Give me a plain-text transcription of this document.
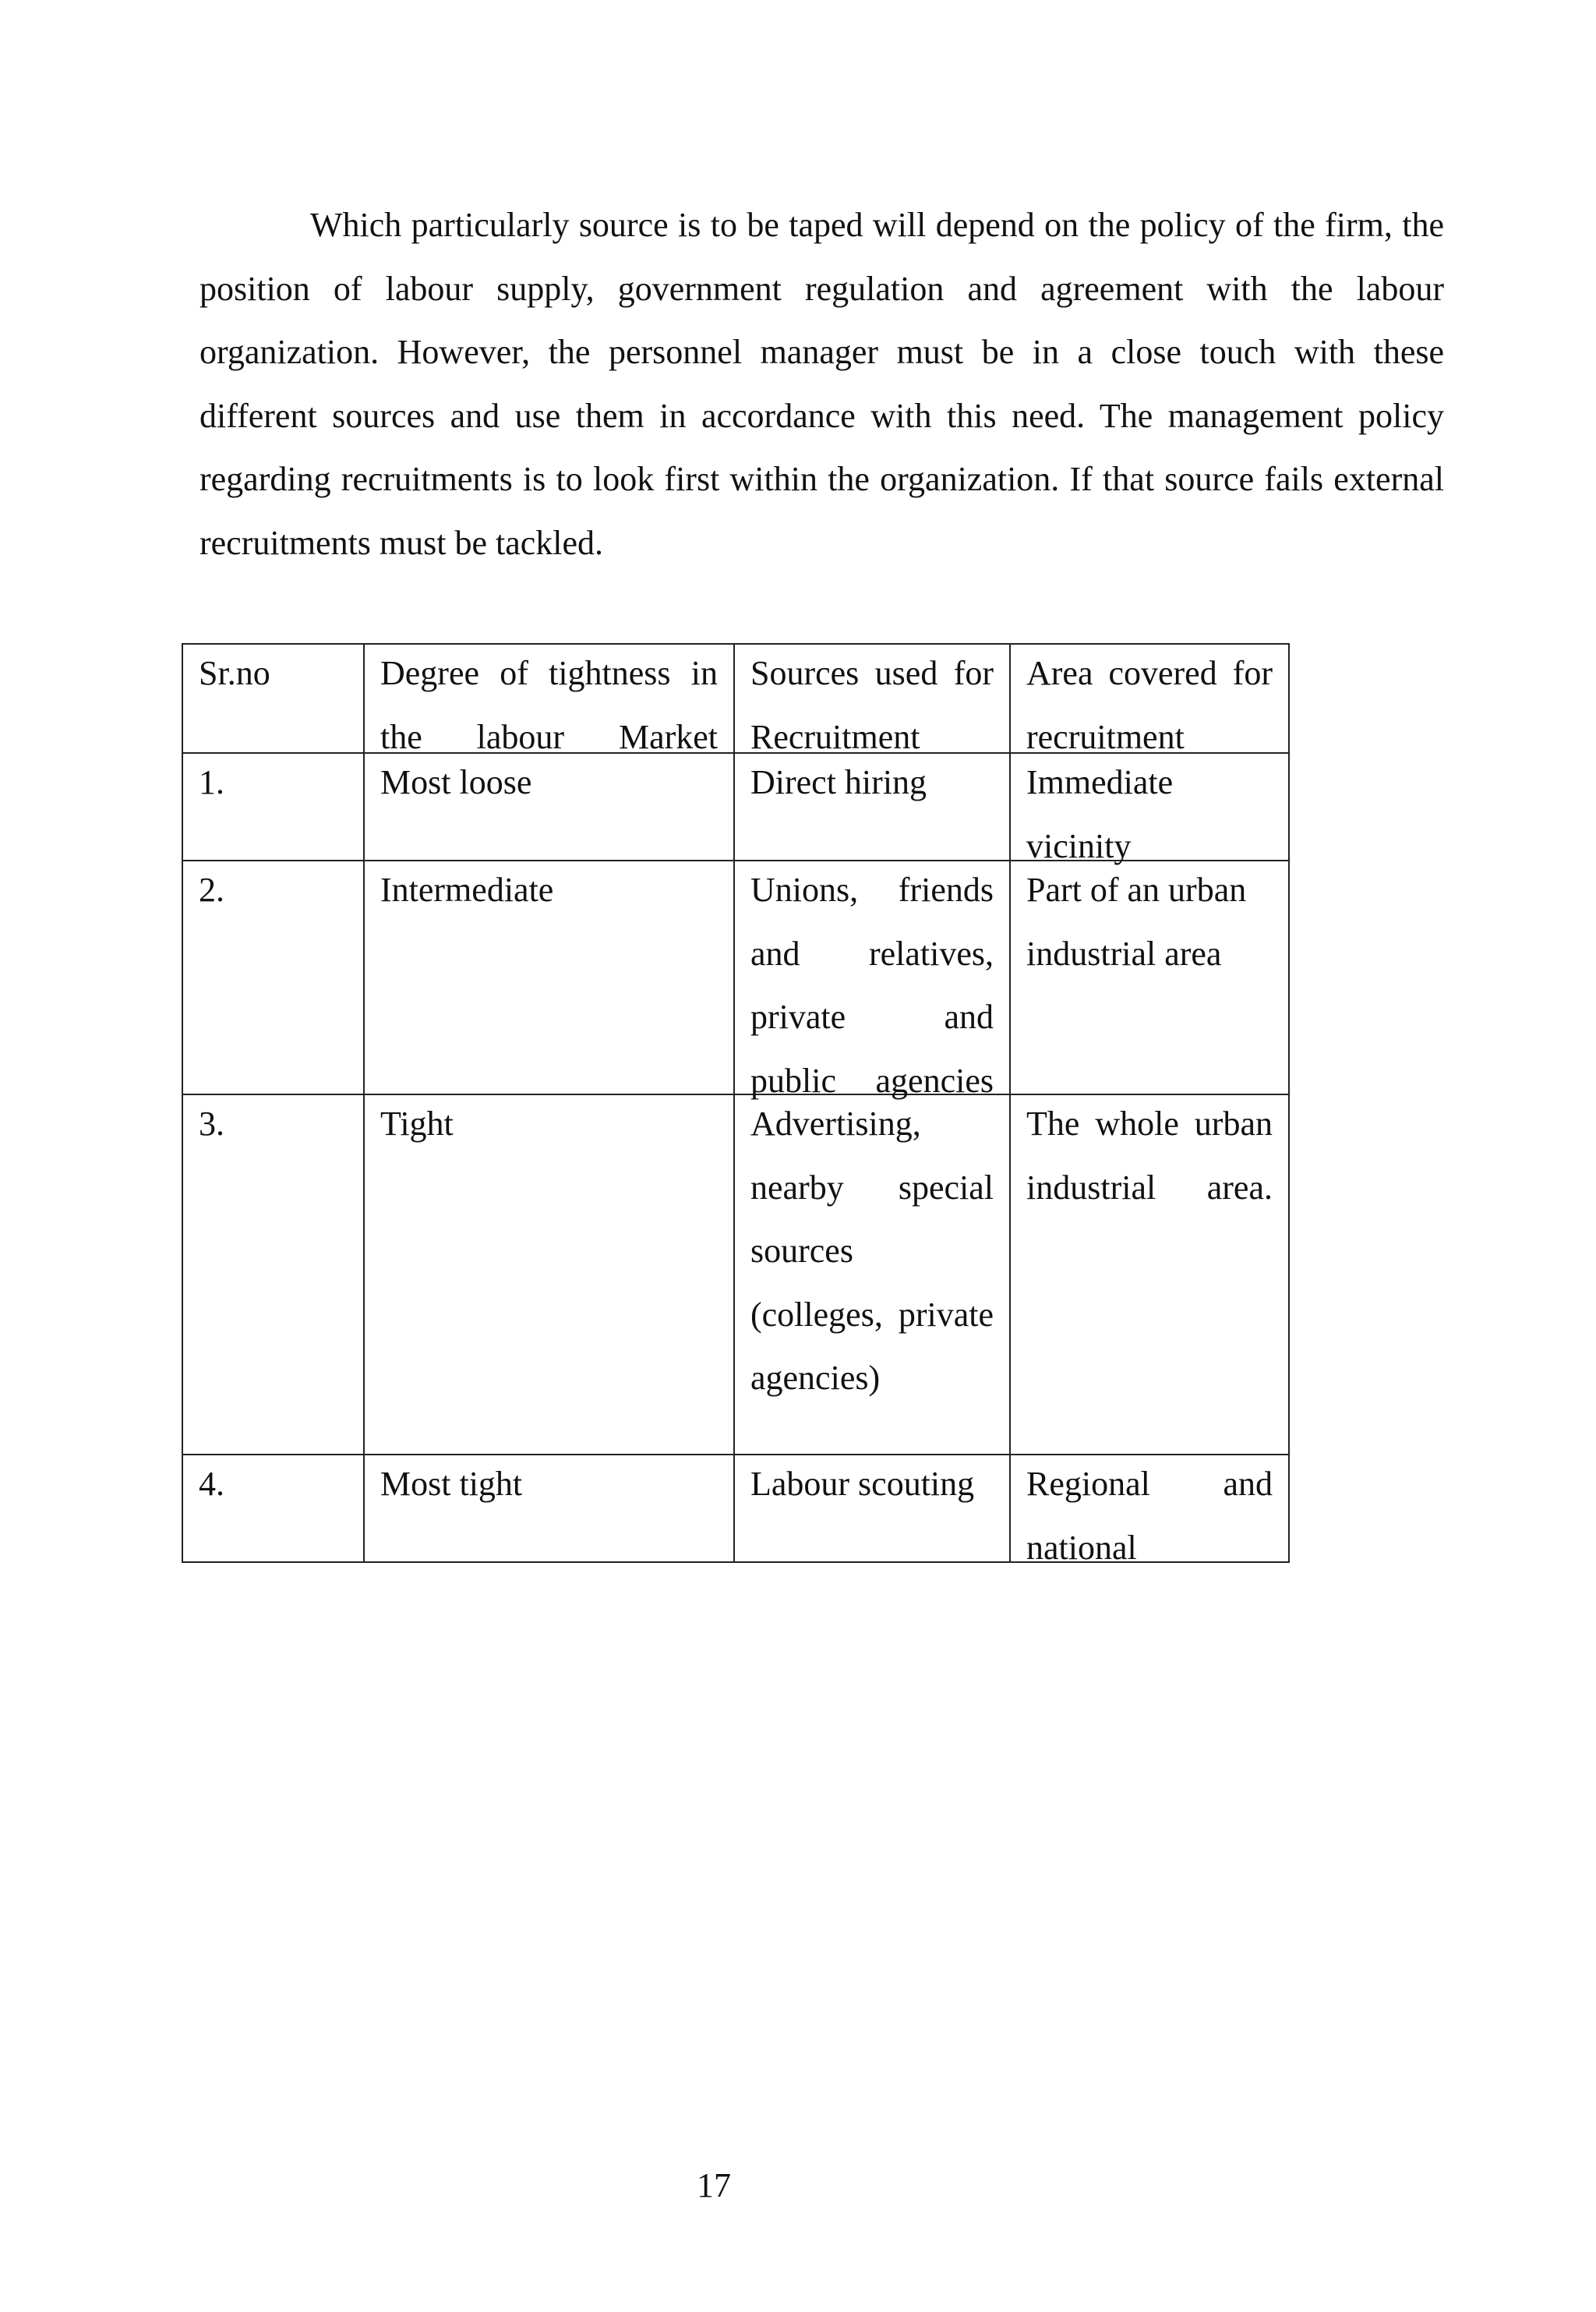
Which particularly source is to be taped will depend on the policy of the firm, the position of labour supply, government regulation and agreement with the labour organization. However, the personnel manager must be in a close touch with these different sources and use them in accordance with this need. The management policy regarding recruitments is to look first within the organization. If that source fails external recruitments must be tackled.

Sr.no	Degree of tightness in the labour Market	Sources used for Recruitment	Area covered for recruitment

1.	Most loose	Direct hiring	Immediate vicinity

2.	Intermediate	Unions, friends and relatives, private and public agencies	Part of an urban industrial area

3.	Tight	Advertising, nearby special sources (colleges, private agencies)	The whole urban industrial area.

4.	Most tight	Labour scouting	Regional and national
17
